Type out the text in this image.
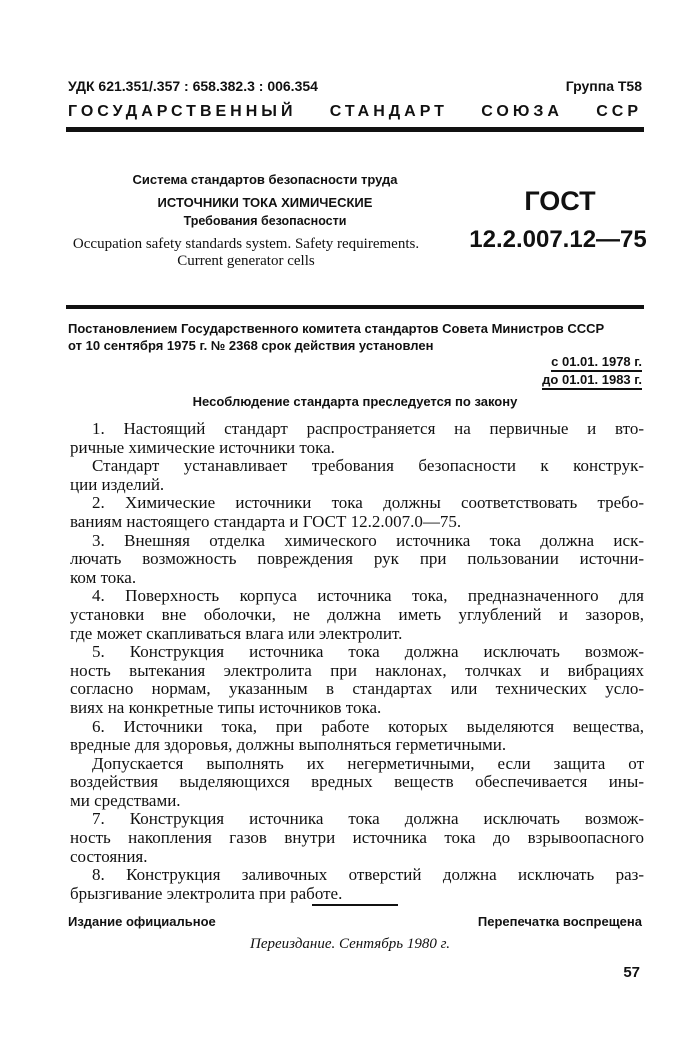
УДК 621.351/.357 : 658.382.3 : 006.354	Группа Т58
ГОСУДАРСТВЕННЫЙ СТАНДАРТ СОЮЗА ССР
Система стандартов безопасности труда
ИСТОЧНИКИ ТОКА ХИМИЧЕСКИЕ
Требования безопасности
Occupation safety standards system. Safety requirements.
Current generator cells
ГОСТ
12.2.007.12—75
Постановлением Государственного комитета стандартов Совета Министров СССР
от 10 сентября 1975 г. № 2368 срок действия установлен
с 01.01. 1978 г.
до 01.01. 1983 г.
Несоблюдение стандарта преследуется по закону
1. Настоящий стандарт распространяется на первичные и вто-
ричные химические источники тока.
Стандарт устанавливает требования безопасности к конструк-
ции изделий.
2. Химические источники тока должны соответствовать требо-
ваниям настоящего стандарта и ГОСТ 12.2.007.0—75.
3. Внешняя отделка химического источника тока должна иск-
лючать возможность повреждения рук при пользовании источни-
ком тока.
4. Поверхность корпуса источника тока, предназначенного для
установки вне оболочки, не должна иметь углублений и зазоров,
где может скапливаться влага или электролит.
5. Конструкция источника тока должна исключать возмож-
ность вытекания электролита при наклонах, толчках и вибрациях
согласно нормам, указанным в стандартах или технических усло-
виях на конкретные типы источников тока.
6. Источники тока, при работе которых выделяются вещества,
вредные для здоровья, должны выполняться герметичными.
Допускается выполнять их негерметичными, если защита от
воздействия выделяющихся вредных веществ обеспечивается ины-
ми средствами.
7. Конструкция источника тока должна исключать возмож-
ность накопления газов внутри источника тока до взрывоопасного
состояния.
8. Конструкция заливочных отверстий должна исключать раз-
брызгивание электролита при работе.
Издание официальное	Перепечатка воспрещена
Переиздание. Сентябрь 1980 г.
57
